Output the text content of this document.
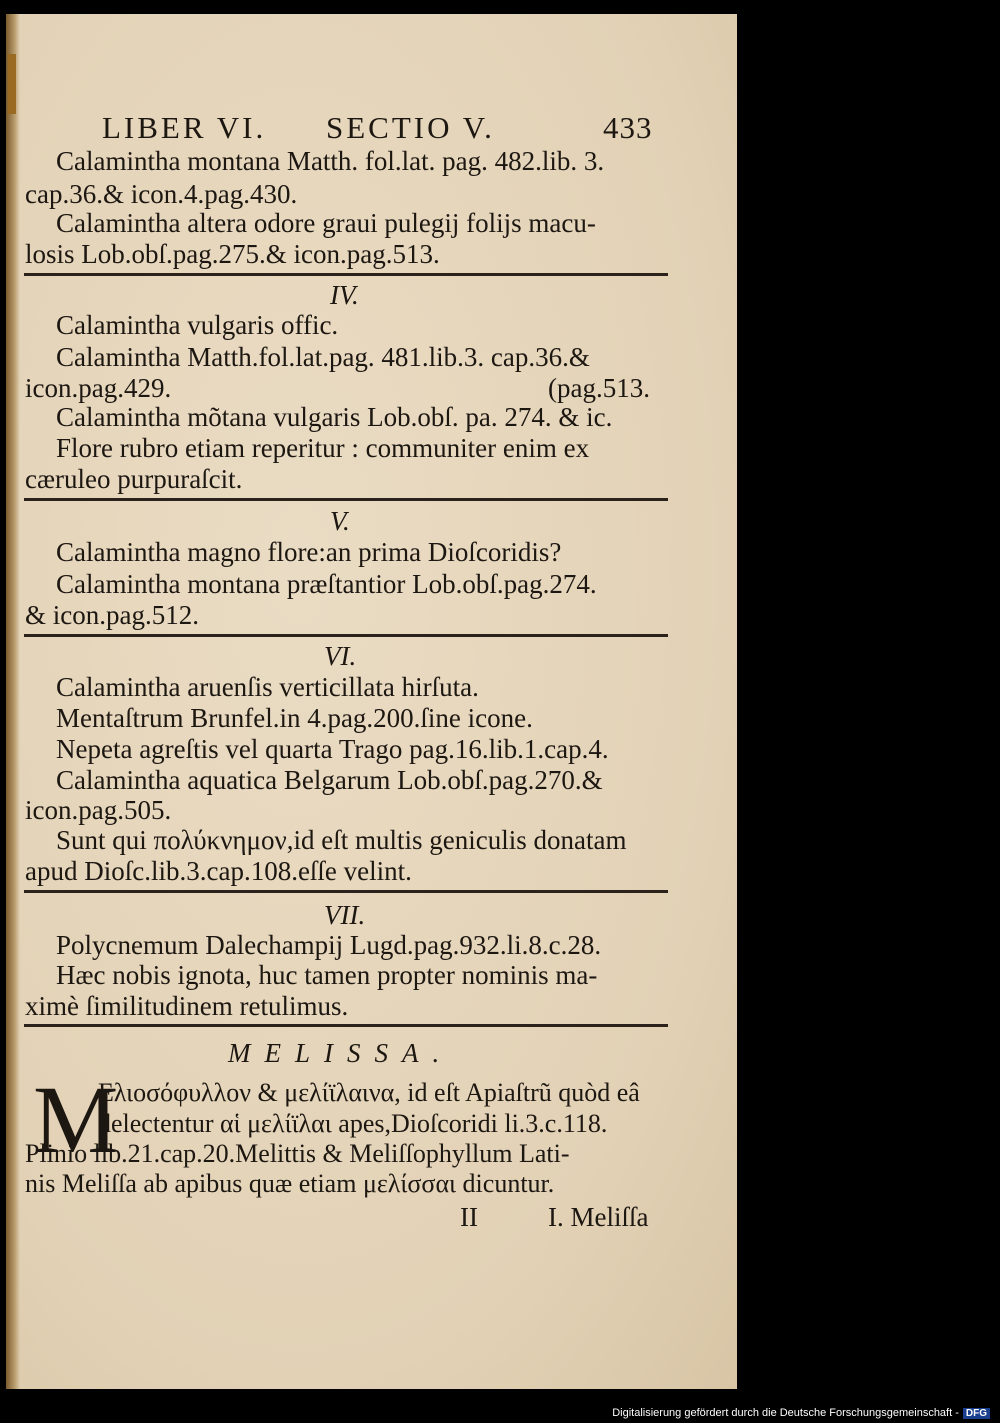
LIBER VI. SECTIO V.	433
Calamintha montana Matth. fol.lat. pag. 482.lib. 3.
cap.36.& icon.4.pag.430.
Calamintha altera odore graui pulegij folijs macu-
losis Lob.obſ.pag.275.& icon.pag.513.
IV.
Calamintha vulgaris offic.
Calamintha Matth.fol.lat.pag. 481.lib.3. cap.36.&
icon.pag.429.	(pag.513.
Calamintha mõtana vulgaris Lob.obſ. pa. 274. & ic.
Flore rubro etiam reperitur : communiter enim ex
cæruleo purpuraſcit.
V.
Calamintha magno flore:an prima Dioſcoridis?
Calamintha montana præſtantior Lob.obſ.pag.274.
& icon.pag.512.
VI.
Calamintha aruenſis verticillata hirſuta.
Mentaſtrum Brunfel.in 4.pag.200.ſine icone.
Nepeta agreſtis vel quarta Trago pag.16.lib.1.cap.4.
Calamintha aquatica Belgarum Lob.obſ.pag.270.&
icon.pag.505.
Sunt qui πολύκνημον,id eſt multis geniculis donatam
apud Dioſc.lib.3.cap.108.eſſe velint.
VII.
Polycnemum Dalechampij Lugd.pag.932.li.8.c.28.
Hæc nobis ignota, huc tamen propter nominis ma-
ximè ſimilitudinem retulimus.
MELISSA.
M
Ελιοσόφυλλον & μελίϊλαινα, id eſt Apiaſtrũ quòd eâ
delectentur αἱ μελίϊλαι apes,Dioſcoridi li.3.c.118.
Plinio lib.21.cap.20.Melittis & Meliſſophyllum Lati-
nis Meliſſa ab apibus quæ etiam μελίσσαι dicuntur.
II	I. Meliſſa
Digitalisierung gefördert durch die Deutsche Forschungsgemeinschaft - DFG
